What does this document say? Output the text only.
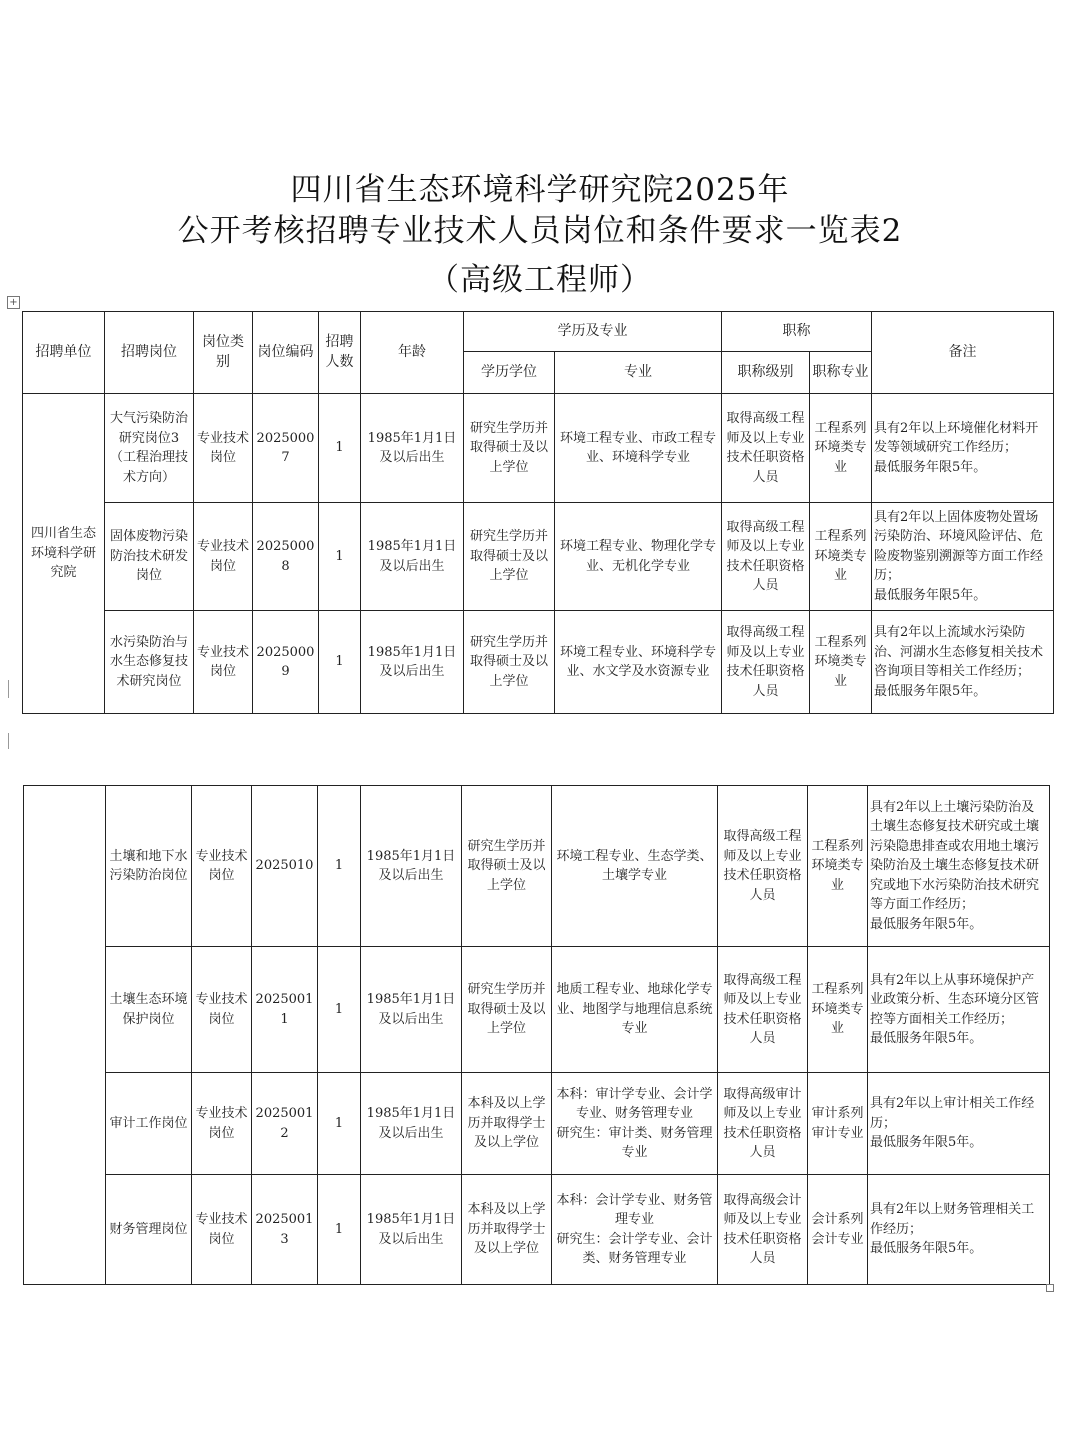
四川省生态环境科学研究院2025年
公开考核招聘专业技术人员岗位和条件要求一览表2
（高级工程师）
+
招聘单位	招聘岗位	岗位类别	岗位编码	招聘人数	年龄	学历及专业		职称		备注
						学历学位	专业	职称级别	职称专业	
四川省生态环境科学研究院	大气污染防治研究岗位3（工程治理技术方向）	专业技术岗位	20250007	1	1985年1月1日及以后出生	研究生学历并取得硕士及以上学位	环境工程专业、市政工程专业、环境科学专业	取得高级工程师及以上专业技术任职资格人员	工程系列环境类专业	具有2年以上环境催化材料开发等领域研究工作经历；
最低服务年限5年。

	固体废物污染防治技术研发岗位	专业技术岗位	20250008	1	1985年1月1日及以后出生	研究生学历并取得硕士及以上学位	环境工程专业、物理化学专业、无机化学专业	取得高级工程师及以上专业技术任职资格人员	工程系列环境类专业	具有2年以上固体废物处置场污染防治、环境风险评估、危险废物鉴别溯源等方面工作经历；
最低服务年限5年。

	水污染防治与水生态修复技术研究岗位	专业技术岗位	20250009	1	1985年1月1日及以后出生	研究生学历并取得硕士及以上学位	环境工程专业、环境科学专业、水文学及水资源专业	取得高级工程师及以上专业技术任职资格人员	工程系列环境类专业	具有2年以上流域水污染防治、河湖水生态修复相关技术咨询项目等相关工作经历；
最低服务年限5年。
	土壤和地下水污染防治岗位	专业技术岗位	2025010	1	1985年1月1日及以后出生	研究生学历并取得硕士及以上学位	环境工程专业、生态学类、土壤学专业	取得高级工程师及以上专业技术任职资格人员	工程系列环境类专业	具有2年以上土壤污染防治及土壤生态修复技术研究或土壤污染隐患排查或农用地土壤污染防治及土壤生态修复技术研究或地下水污染防治技术研究等方面工作经历；
最低服务年限5年。

	土壤生态环境保护岗位	专业技术岗位	20250011	1	1985年1月1日及以后出生	研究生学历并取得硕士及以上学位	地质工程专业、地球化学专业、地图学与地理信息系统专业	取得高级工程师及以上专业技术任职资格人员	工程系列环境类专业	具有2年以上从事环境保护产业政策分析、生态环境分区管控等方面相关工作经历；
最低服务年限5年。

	审计工作岗位	专业技术岗位	20250012	1	1985年1月1日及以后出生	本科及以上学历并取得学士及以上学位	本科：审计学专业、会计学专业、财务管理专业
研究生：审计类、财务管理专业	取得高级审计师及以上专业技术任职资格人员	审计系列审计专业	具有2年以上审计相关工作经历；
最低服务年限5年。

	财务管理岗位	专业技术岗位	20250013	1	1985年1月1日及以后出生	本科及以上学历并取得学士及以上学位	本科：会计学专业、财务管理专业
研究生：会计学专业、会计类、财务管理专业	取得高级会计师及以上专业技术任职资格人员	会计系列会计专业	具有2年以上财务管理相关工作经历；
最低服务年限5年。
